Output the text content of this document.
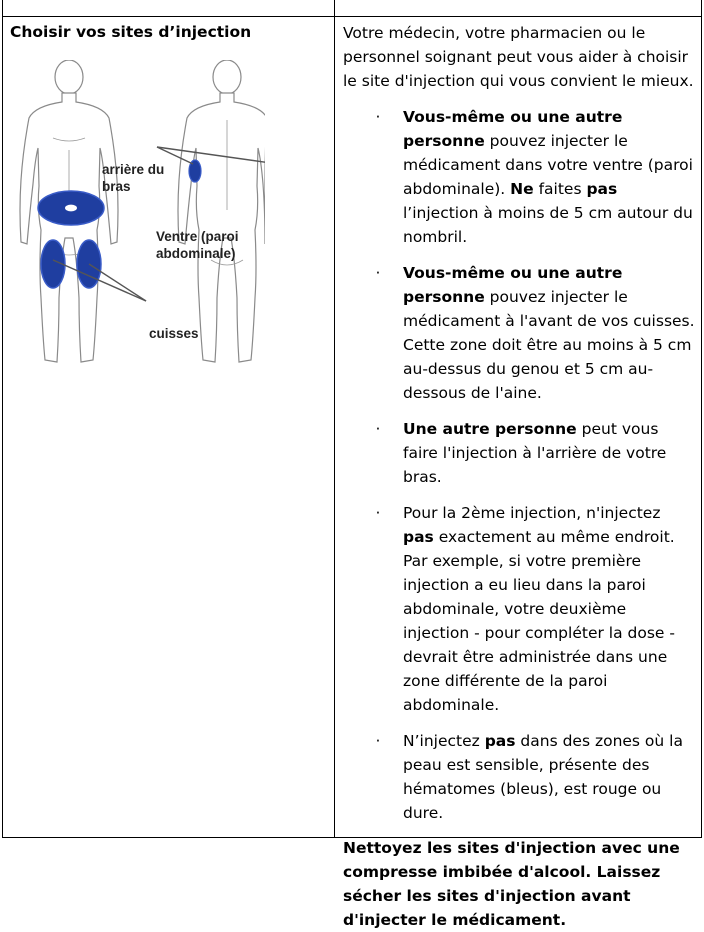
Choisir vos sites d’injection
arrière du
bras
Ventre (paroi
abdominale)
cuisses

Votre médecin, votre pharmacien ou le personnel soignant peut vous aider à choisir le site d'injection qui vous convient le mieux.

· Vous-même ou une autre personne pouvez injecter le médicament dans votre ventre (paroi abdominale). Ne faites pas l’injection à moins de 5 cm autour du nombril.
· Vous-même ou une autre personne pouvez injecter le médicament à l'avant de vos cuisses. Cette zone doit être au moins à 5 cm au-dessus du genou et 5 cm au-dessous de l'aine.
· Une autre personne peut vous faire l'injection à l'arrière de votre bras.
· Pour la 2ème injection, n'injectez pas exactement au même endroit. Par exemple, si votre première injection a eu lieu dans la paroi abdominale, votre deuxième injection - pour compléter la dose - devrait être administrée dans une zone différente de la paroi abdominale.
· N’injectez pas dans des zones où la peau est sensible, présente des hématomes (bleus), est rouge ou dure.

Nettoyez les sites d'injection avec une compresse imbibée d'alcool. Laissez sécher les sites d'injection avant d'injecter le médicament.
